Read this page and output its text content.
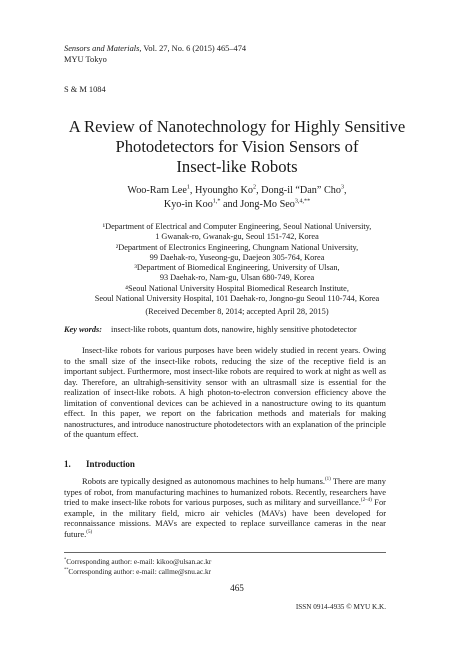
Sensors and Materials, Vol. 27, No. 6 (2015) 465–474
MYU Tokyo
S & M 1084
A Review of Nanotechnology for Highly Sensitive
Photodetectors for Vision Sensors of
Insect-like Robots
Woo-Ram Lee$^1$, Hyoungho Ko$^2$, Dong-il “Dan” Cho$^3$,
Kyo-in Koo$^{1,*}$ and Jong-Mo Seo$^{3,4,**}$
¹Department of Electrical and Computer Engineering, Seoul National University,
1 Gwanak-ro, Gwanak-gu, Seoul 151-742, Korea
²Department of Electronics Engineering, Chungnam National University,
99 Daehak-ro, Yuseong-gu, Daejeon 305-764, Korea
³Department of Biomedical Engineering, University of Ulsan,
93 Daehak-ro, Nam-gu, Ulsan 680-749, Korea
⁴Seoul National University Hospital Biomedical Research Institute,
Seoul National University Hospital, 101 Daehak-ro, Jongno-gu Seoul 110-744, Korea
(Received December 8, 2014; accepted April 28, 2015)
Key words: insect-like robots, quantum dots, nanowire, highly sensitive photodetector
Insect-like robots for various purposes have been widely studied in recent years. Owing to the small size of the insect-like robots, reducing the size of the receptive field is an important subject. Furthermore, most insect-like robots are required to work at night as well as day. Therefore, an ultrahigh-sensitivity sensor with an ultrasmall size is essential for the realization of insect-like robots. A high photon-to-electron conversion efficiency above the limitation of conventional devices can be achieved in a nanostructure owing to its quantum effect. In this paper, we report on the fabrication methods and materials for making nanostructures, and introduce nanostructure photodetectors with an explanation of the principle of the quantum effect.
1. Introduction
Robots are typically designed as autonomous machines to help humans.$^{(1)}$ There are many types of robot, from manufacturing machines to humanized robots. Recently, researchers have tried to make insect-like robots for various purposes, such as military and surveillance.$^{(2-4)}$ For example, in the military field, micro air vehicles (MAVs) have been developed for reconnaissance missions. MAVs are expected to replace surveillance cameras in the near future.$^{(5)}$
*Corresponding author: e-mail: kikoo@ulsan.ac.kr
**Corresponding author: e-mail: callme@snu.ac.kr
465
ISSN 0914-4935 © MYU K.K.
